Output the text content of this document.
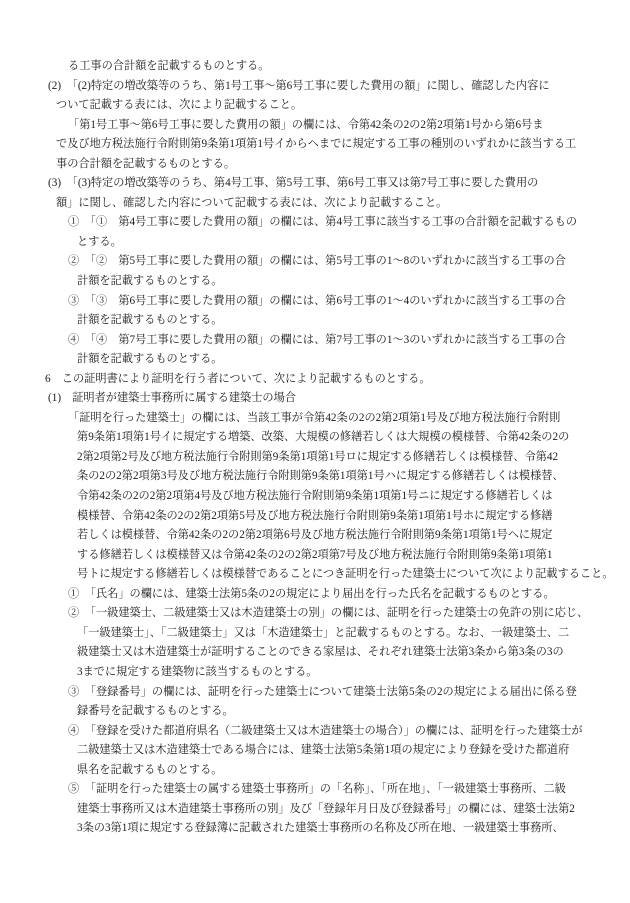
る工事の合計額を記載するものとする。
(2)　「(2)特定の増改築等のうち、第1号工事～第6号工事に要した費用の額」に関し、確認した内容に
ついて記載する表には、次により記載すること。
「第1号工事～第6号工事に要した費用の額」の欄には、令第42条の2の2第2項第1号から第6号ま
で及び地方税法施行令附則第9条第1項第1号イからヘまでに規定する工事の種別のいずれかに該当する工
事の合計額を記載するものとする。
(3)　「(3)特定の増改築等のうち、第4号工事、第5号工事、第6号工事又は第7号工事に要した費用の
額」に関し、確認した内容について記載する表には、次により記載すること。
①　「①　第4号工事に要した費用の額」の欄には、第4号工事に該当する工事の合計額を記載するもの
とする。
②　「②　第5号工事に要した費用の額」の欄には、第5号工事の1～8のいずれかに該当する工事の合
計額を記載するものとする。
③　「③　第6号工事に要した費用の額」の欄には、第6号工事の1～4のいずれかに該当する工事の合
計額を記載するものとする。
④　「④　第7号工事に要した費用の額」の欄には、第7号工事の1～3のいずれかに該当する工事の合
計額を記載するものとする。
6　この証明書により証明を行う者について、次により記載するものとする。
(1)　証明者が建築士事務所に属する建築士の場合
「証明を行った建築士」の欄には、当該工事が令第42条の2の2第2項第1号及び地方税法施行令附則
第9条第1項第1号イに規定する増築、改築、大規模の修繕若しくは大規模の模様替、令第42条の2の
2第2項第2号及び地方税法施行令附則第9条第1項第1号ロに規定する修繕若しくは模様替、令第42
条の2の2第2項第3号及び地方税法施行令附則第9条第1項第1号ハに規定する修繕若しくは模様替、
令第42条の2の2第2項第4号及び地方税法施行令附則第9条第1項第1号ニに規定する修繕若しくは
模様替、令第42条の2の2第2項第5号及び地方税法施行令附則第9条第1項第1号ホに規定する修繕
若しくは模様替、令第42条の2の2第2項第6号及び地方税法施行令附則第9条第1項第1号ヘに規定
する修繕若しくは模様替又は令第42条の2の2第2項第7号及び地方税法施行令附則第9条第1項第1
号トに規定する修繕若しくは模様替であることにつき証明を行った建築士について次により記載すること。
①　「氏名」の欄には、建築士法第5条の2の規定により届出を行った氏名を記載するものとする。
②　「一級建築士、二級建築士又は木造建築士の別」の欄には、証明を行った建築士の免許の別に応じ、
「一級建築士」、「二級建築士」又は「木造建築士」と記載するものとする。なお、一級建築士、二
級建築士又は木造建築士が証明することのできる家屋は、それぞれ建築士法第3条から第3条の3の
3までに規定する建築物に該当するものとする。
③　「登録番号」の欄には、証明を行った建築士について建築士法第5条の2の規定による届出に係る登
録番号を記載するものとする。
④　「登録を受けた都道府県名（二級建築士又は木造建築士の場合）」の欄には、証明を行った建築士が
二級建築士又は木造建築士である場合には、建築士法第5条第1項の規定により登録を受けた都道府
県名を記載するものとする。
⑤　「証明を行った建築士の属する建築士事務所」の「名称」、「所在地」、「一級建築士事務所、二級
建築士事務所又は木造建築士事務所の別」及び「登録年月日及び登録番号」の欄には、建築士法第2
3条の3第1項に規定する登録簿に記載された建築士事務所の名称及び所在地、一級建築士事務所、
